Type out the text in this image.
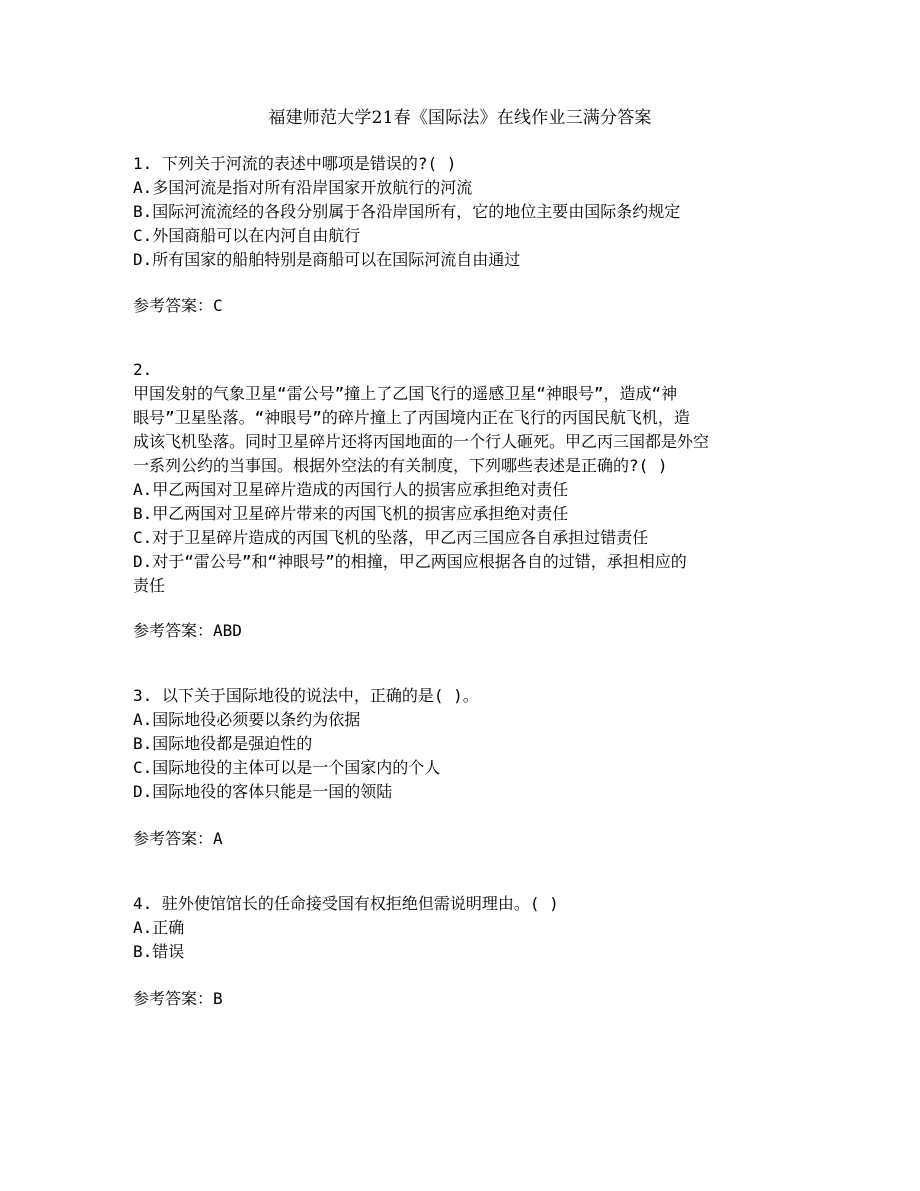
福建师范大学21春《国际法》在线作业三满分答案
1. 下列关于河流的表述中哪项是错误的?( )
A.多国河流是指对所有沿岸国家开放航行的河流
B.国际河流流经的各段分别属于各沿岸国所有，它的地位主要由国际条约规定
C.外国商船可以在内河自由航行
D.所有国家的船舶特别是商船可以在国际河流自由通过
参考答案：C
2.
甲国发射的气象卫星“雷公号”撞上了乙国飞行的遥感卫星“神眼号”，造成“神
眼号”卫星坠落。“神眼号”的碎片撞上了丙国境内正在飞行的丙国民航飞机，造
成该飞机坠落。同时卫星碎片还将丙国地面的一个行人砸死。甲乙丙三国都是外空
一系列公约的当事国。根据外空法的有关制度，下列哪些表述是正确的?( )
A.甲乙两国对卫星碎片造成的丙国行人的损害应承担绝对责任
B.甲乙两国对卫星碎片带来的丙国飞机的损害应承担绝对责任
C.对于卫星碎片造成的丙国飞机的坠落，甲乙丙三国应各自承担过错责任
D.对于“雷公号”和“神眼号”的相撞，甲乙两国应根据各自的过错，承担相应的
责任
参考答案：ABD
3. 以下关于国际地役的说法中，正确的是( )。
A.国际地役必须要以条约为依据
B.国际地役都是强迫性的
C.国际地役的主体可以是一个国家内的个人
D.国际地役的客体只能是一国的领陆
参考答案：A
4. 驻外使馆馆长的任命接受国有权拒绝但需说明理由。( )
A.正确
B.错误
参考答案：B
